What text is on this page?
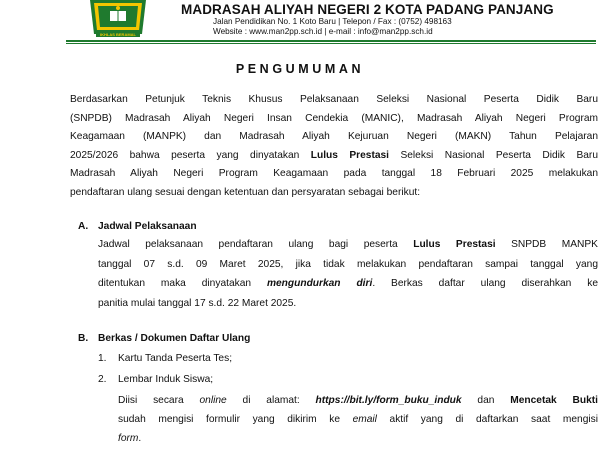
IKHLAS BERAMAL
MADRASAH ALIYAH NEGERI 2 KOTA PADANG PANJANG
Jalan Pendidikan No. 1 Koto Baru | Telepon / Fax : (0752) 498163
Website : www.man2pp.sch.id | e-mail : info@man2pp.sch.id
PENGUMUMAN
Berdasarkan Petunjuk Teknis Khusus Pelaksanaan Seleksi Nasional Peserta Didik Baru
(SNPDB) Madrasah Aliyah Negeri Insan Cendekia (MANIC), Madrasah Aliyah Negeri Program
Keagamaan (MANPK) dan Madrasah Aliyah Kejuruan Negeri (MAKN) Tahun Pelajaran
2025/2026 bahwa peserta yang dinyatakan Lulus Prestasi Seleksi Nasional Peserta Didik Baru
Madrasah Aliyah Negeri Program Keagamaan pada tanggal 18 Februari 2025 melakukan
pendaftaran ulang sesuai dengan ketentuan dan persyaratan sebagai berikut:
A. Jadwal Pelaksanaan
Jadwal pelaksanaan pendaftaran ulang bagi peserta Lulus Prestasi SNPDB MANPK
tanggal 07 s.d. 09 Maret 2025, jika tidak melakukan pendaftaran sampai tanggal yang
ditentukan maka dinyatakan mengundurkan diri. Berkas daftar ulang diserahkan ke
panitia mulai tanggal 17 s.d. 22 Maret 2025.
B. Berkas / Dokumen Daftar Ulang
1. Kartu Tanda Peserta Tes;
2. Lembar Induk Siswa;
Diisi secara online di alamat: https://bit.ly/form_buku_induk dan Mencetak Bukti
sudah mengisi formulir yang dikirim ke email aktif yang di daftarkan saat mengisi
form.
